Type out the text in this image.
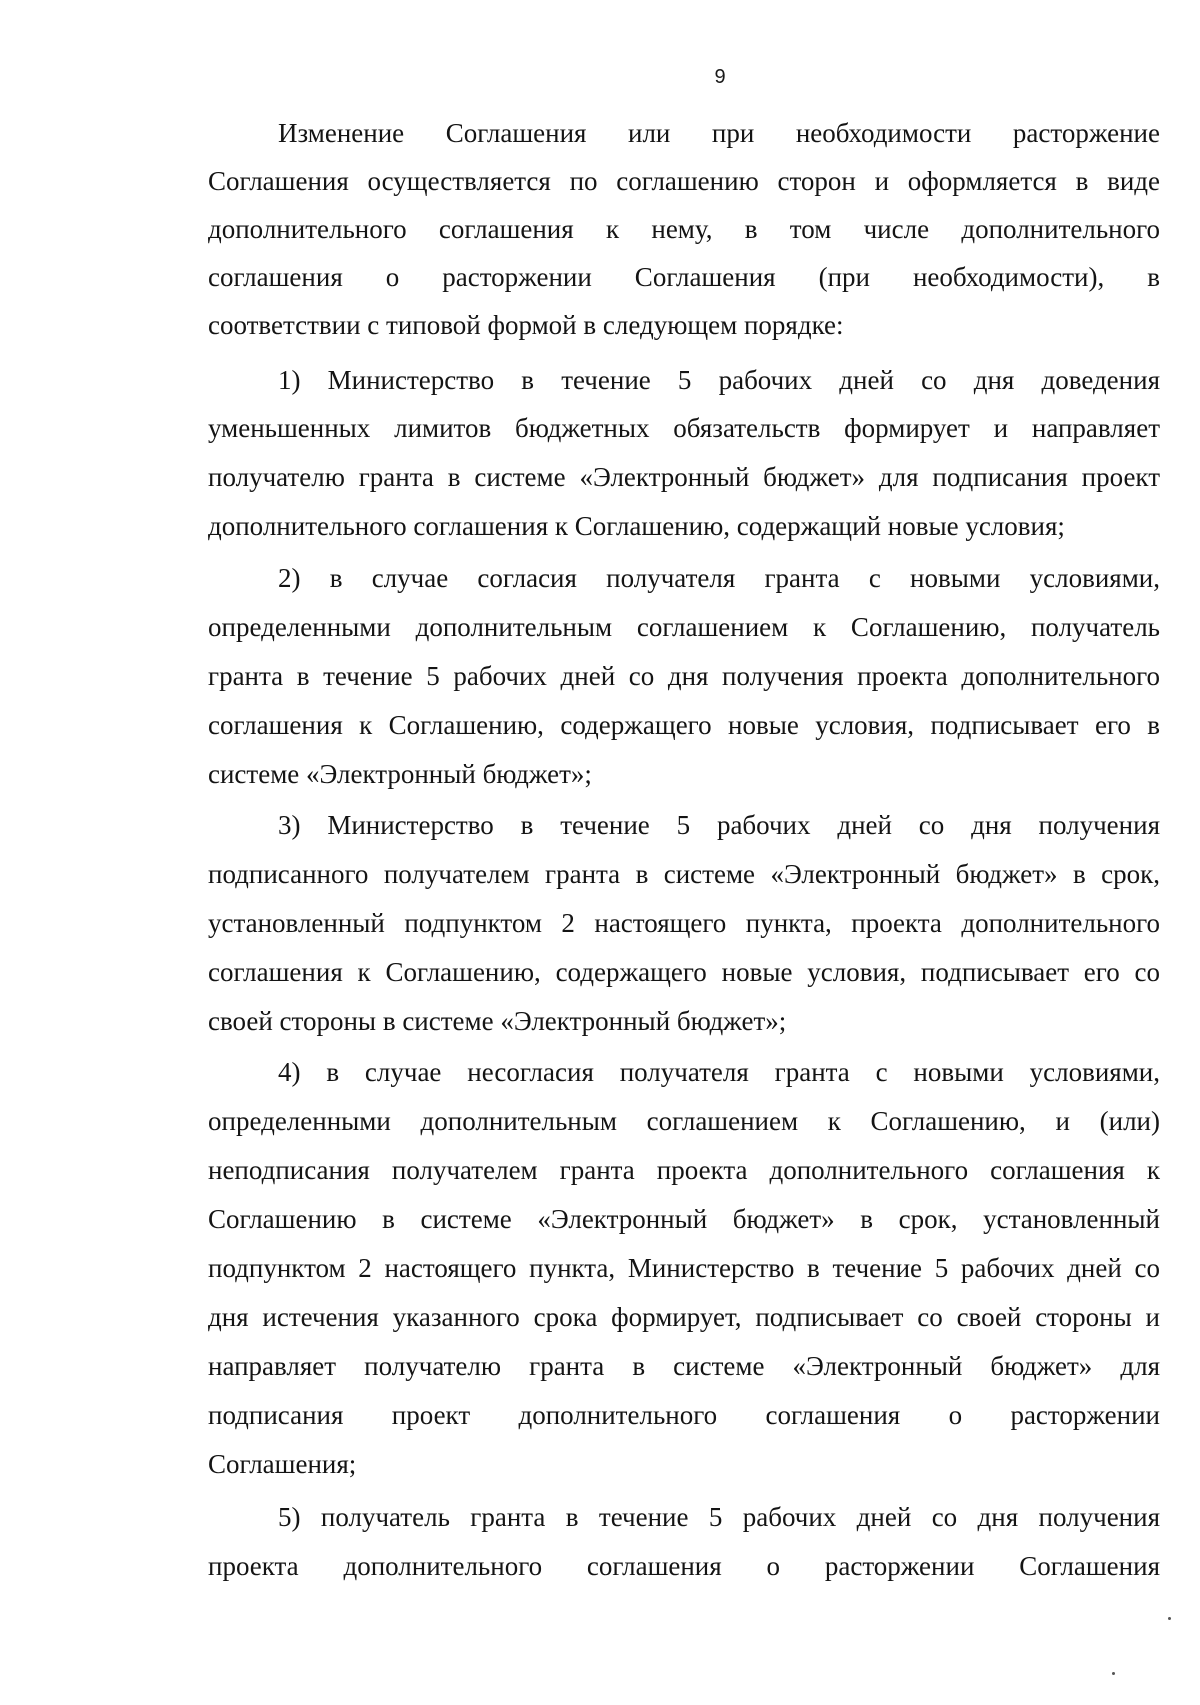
9
Изменение Соглашения или при необходимости расторжение
Соглашения осуществляется по соглашению сторон и оформляется в виде
дополнительного соглашения к нему, в том числе дополнительного
соглашения о расторжении Соглашения (при необходимости), в
соответствии с типовой формой в следующем порядке:
1) Министерство в течение 5 рабочих дней со дня доведения
уменьшенных лимитов бюджетных обязательств формирует и направляет
получателю гранта в системе «Электронный бюджет» для подписания проект
дополнительного соглашения к Соглашению, содержащий новые условия;
2) в случае согласия получателя гранта с новыми условиями,
определенными дополнительным соглашением к Соглашению, получатель
гранта в течение 5 рабочих дней со дня получения проекта дополнительного
соглашения к Соглашению, содержащего новые условия, подписывает его в
системе «Электронный бюджет»;
3) Министерство в течение 5 рабочих дней со дня получения
подписанного получателем гранта в системе «Электронный бюджет» в срок,
установленный подпунктом 2 настоящего пункта, проекта дополнительного
соглашения к Соглашению, содержащего новые условия, подписывает его со
своей стороны в системе «Электронный бюджет»;
4) в случае несогласия получателя гранта с новыми условиями,
определенными дополнительным соглашением к Соглашению, и (или)
неподписания получателем гранта проекта дополнительного соглашения к
Соглашению в системе «Электронный бюджет» в срок, установленный
подпунктом 2 настоящего пункта, Министерство в течение 5 рабочих дней со
дня истечения указанного срока формирует, подписывает со своей стороны и
направляет получателю гранта в системе «Электронный бюджет» для
подписания проект дополнительного соглашения о расторжении
Соглашения;
5) получатель гранта в течение 5 рабочих дней со дня получения
проекта дополнительного соглашения о расторжении Соглашения
